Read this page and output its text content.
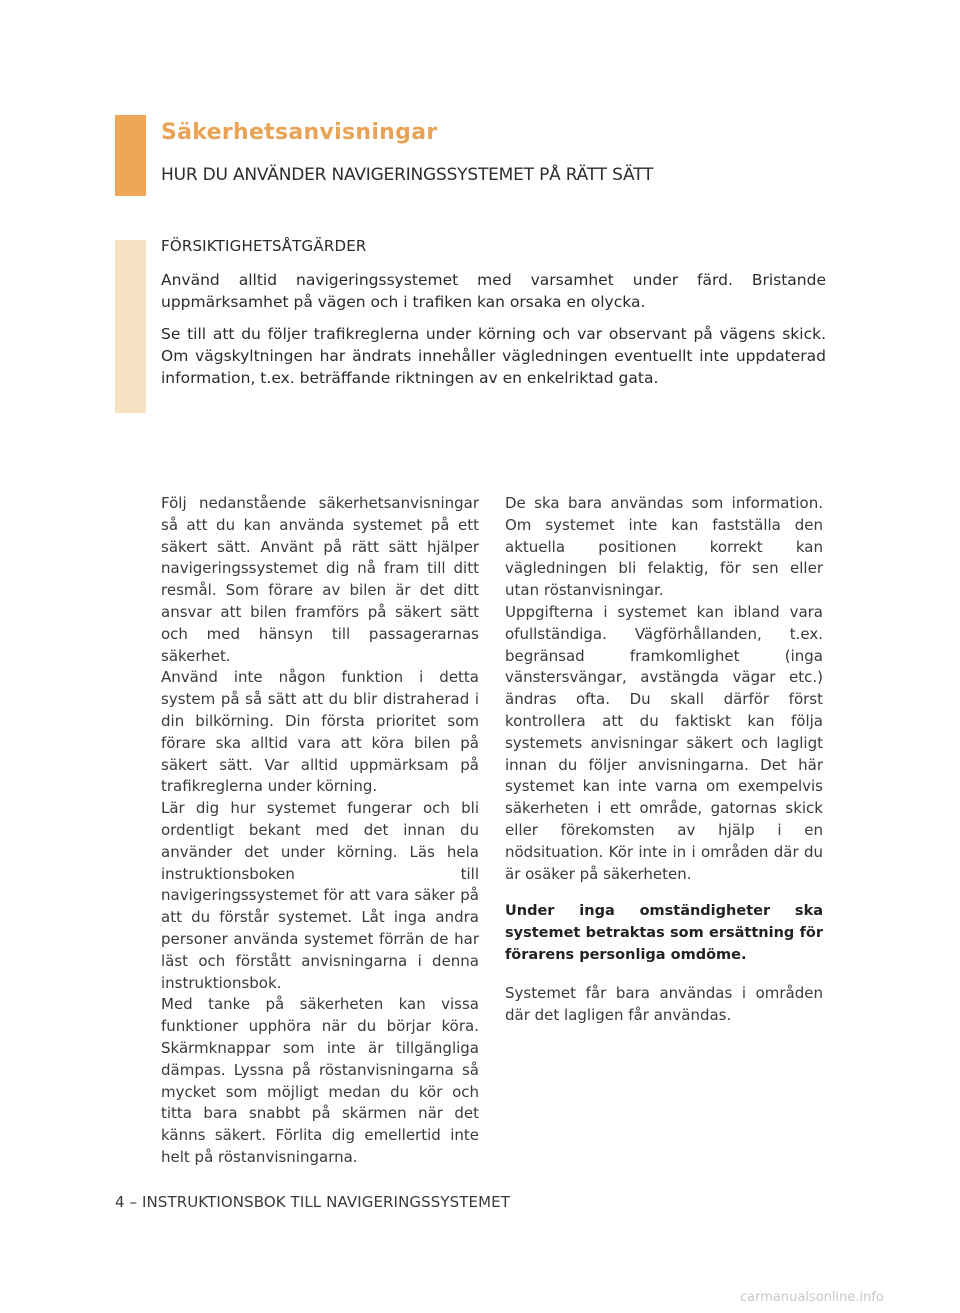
Säkerhetsanvisningar
HUR DU ANVÄNDER NAVIGERINGSSYSTEMET PÅ RÄTT SÄTT
FÖRSIKTIGHETSÅTGÄRDER

Använd alltid navigeringssystemet med varsamhet under färd. Bristande uppmärksamhet på vägen och i trafiken kan orsaka en olycka.

Se till att du följer trafikreglerna under körning och var observant på vägens skick. Om vägskyltningen har ändrats innehåller vägledningen eventuellt inte uppdaterad information, t.ex. beträffande riktningen av en enkelriktad gata.

Följ nedanstående säkerhetsanvisningar så att du kan använda systemet på ett säkert sätt. Använt på rätt sätt hjälper navigeringssystemet dig nå fram till ditt resmål. Som förare av bilen är det ditt ansvar att bilen framförs på säkert sätt och med hänsyn till passagerarnas säkerhet.

Använd inte någon funktion i detta system på så sätt att du blir distraherad i din bilkörning. Din första prioritet som förare ska alltid vara att köra bilen på säkert sätt. Var alltid uppmärksam på trafikreglerna under körning.

Lär dig hur systemet fungerar och bli ordentligt bekant med det innan du använder det under körning. Läs hela instruktionsboken till navigeringssystemet för att vara säker på att du förstår systemet. Låt inga andra personer använda systemet förrän de har läst och förstått anvisningarna i denna instruktionsbok.

Med tanke på säkerheten kan vissa funktioner upphöra när du börjar köra. Skärmknappar som inte är tillgängliga dämpas. Lyssna på röstanvisningarna så mycket som möjligt medan du kör och titta bara snabbt på skärmen när det känns säkert. Förlita dig emellertid inte helt på röstanvisningarna.

De ska bara användas som information. Om systemet inte kan fastställa den aktuella positionen korrekt kan vägledningen bli felaktig, för sen eller utan röstanvisningar.

Uppgifterna i systemet kan ibland vara ofullständiga. Vägförhållanden, t.ex. begränsad framkomlighet (inga vänstersvängar, avstängda vägar etc.) ändras ofta. Du skall därför först kontrollera att du faktiskt kan följa systemets anvisningar säkert och lagligt innan du följer anvisningarna. Det här systemet kan inte varna om exempelvis säkerheten i ett område, gatornas skick eller förekomsten av hjälp i en nödsituation. Kör inte in i områden där du är osäker på säkerheten.

Under inga omständigheter ska systemet betraktas som ersättning för förarens personliga omdöme.

Systemet får bara användas i områden där det lagligen får användas.

4 – INSTRUKTIONSBOK TILL NAVIGERINGSSYSTEMET
carmanualsonline.info
